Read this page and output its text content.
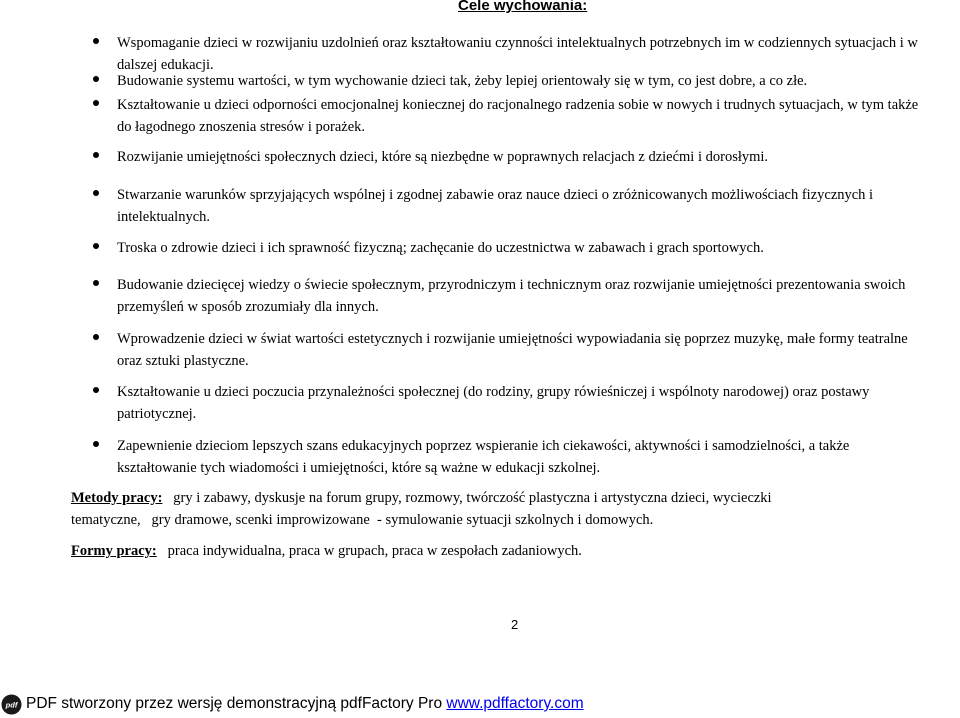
Cele wychowania:
Wspomaganie dzieci w rozwijaniu uzdolnień oraz kształtowaniu czynności intelektualnych potrzebnych im w codziennych sytuacjach i w
dalszej edukacji.
Budowanie systemu wartości, w tym wychowanie dzieci tak, żeby lepiej orientowały się w tym, co jest dobre, a co złe.
Kształtowanie u dzieci odporności emocjonalnej koniecznej do racjonalnego radzenia sobie w nowych i trudnych sytuacjach, w tym także
do łagodnego znoszenia stresów i porażek.
Rozwijanie umiejętności społecznych dzieci, które są niezbędne w poprawnych relacjach z dziećmi i dorosłymi.
Stwarzanie warunków sprzyjających wspólnej i zgodnej zabawie oraz nauce dzieci o zróżnicowanych możliwościach fizycznych i
intelektualnych.
Troska o zdrowie dzieci i ich sprawność fizyczną; zachęcanie do uczestnictwa w zabawach i grach sportowych.
Budowanie dziecięcej wiedzy o świecie społecznym, przyrodniczym i technicznym oraz rozwijanie umiejętności prezentowania swoich
przemyśleń w sposób zrozumiały dla innych.
Wprowadzenie dzieci w świat wartości estetycznych i rozwijanie umiejętności wypowiadania się poprzez muzykę, małe formy teatralne
oraz sztuki plastyczne.
Kształtowanie u dzieci poczucia przynależności społecznej (do rodziny, grupy rówieśniczej i wspólnoty narodowej) oraz postawy
patriotycznej.
Zapewnienie dzieciom lepszych szans edukacyjnych poprzez wspieranie ich ciekawości, aktywności i samodzielności, a także
kształtowanie tych wiadomości i umiejętności, które są ważne w edukacji szkolnej.
Metody pracy: gry i zabawy, dyskusje na forum grupy, rozmowy, twórczość plastyczna i artystyczna dzieci, wycieczki
tematyczne,   gry dramowe, scenki improwizowane  - symulowanie sytuacji szkolnych i domowych.
Formy pracy: praca indywidualna, praca w grupach, praca w zespołach zadaniowych.
2
pdf PDF stworzony przez wersję demonstracyjną pdfFactory Pro www.pdffactory.com
